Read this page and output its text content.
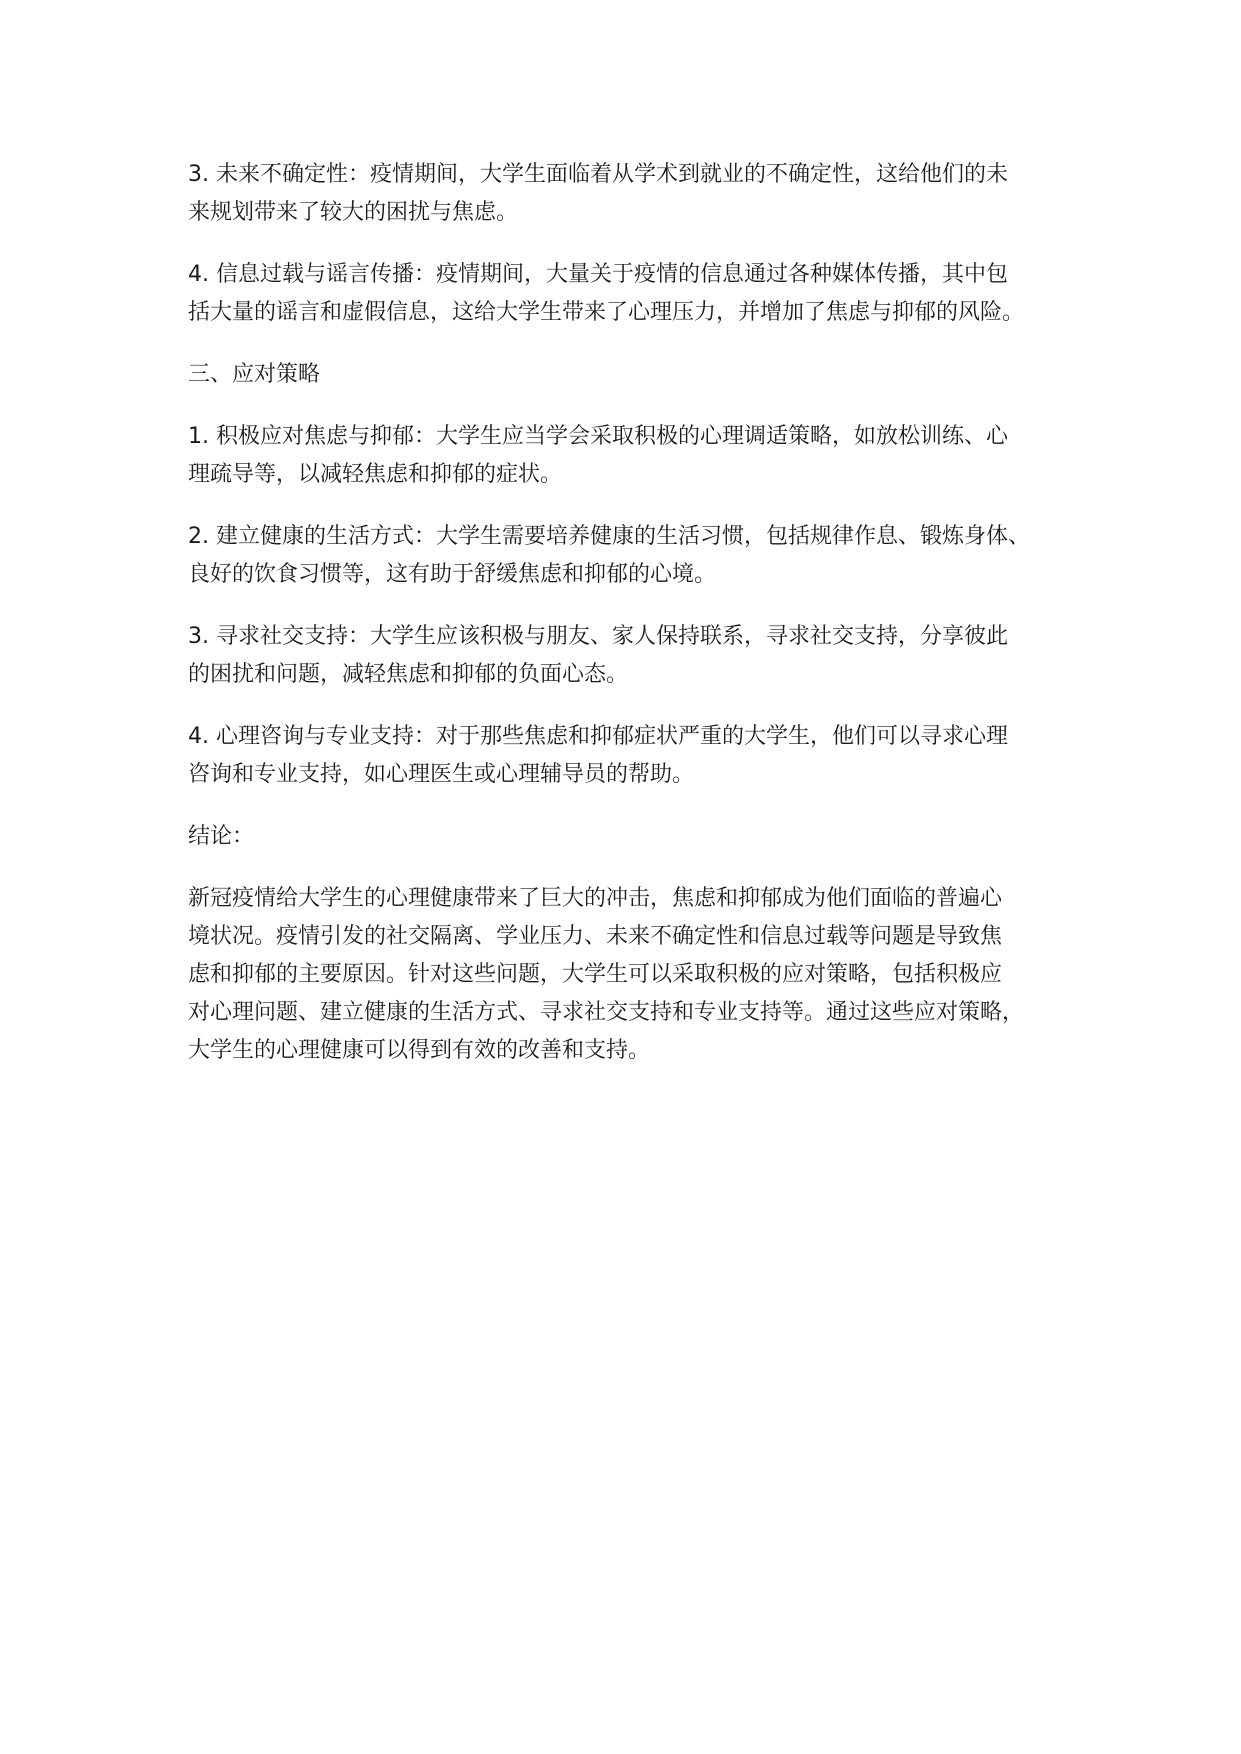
3. 未来不确定性：疫情期间，大学生面临着从学术到就业的不确定性，这给他们的未
来规划带来了较大的困扰与焦虑。

4. 信息过载与谣言传播：疫情期间，大量关于疫情的信息通过各种媒体传播，其中包
括大量的谣言和虚假信息，这给大学生带来了心理压力，并增加了焦虑与抑郁的风险。

三、应对策略

1. 积极应对焦虑与抑郁：大学生应当学会采取积极的心理调适策略，如放松训练、心
理疏导等，以减轻焦虑和抑郁的症状。

2. 建立健康的生活方式：大学生需要培养健康的生活习惯，包括规律作息、锻炼身体、
良好的饮食习惯等，这有助于舒缓焦虑和抑郁的心境。

3. 寻求社交支持：大学生应该积极与朋友、家人保持联系，寻求社交支持，分享彼此
的困扰和问题，减轻焦虑和抑郁的负面心态。

4. 心理咨询与专业支持：对于那些焦虑和抑郁症状严重的大学生，他们可以寻求心理
咨询和专业支持，如心理医生或心理辅导员的帮助。

结论：

新冠疫情给大学生的心理健康带来了巨大的冲击，焦虑和抑郁成为他们面临的普遍心
境状况。疫情引发的社交隔离、学业压力、未来不确定性和信息过载等问题是导致焦
虑和抑郁的主要原因。针对这些问题，大学生可以采取积极的应对策略，包括积极应
对心理问题、建立健康的生活方式、寻求社交支持和专业支持等。通过这些应对策略，
大学生的心理健康可以得到有效的改善和支持。
